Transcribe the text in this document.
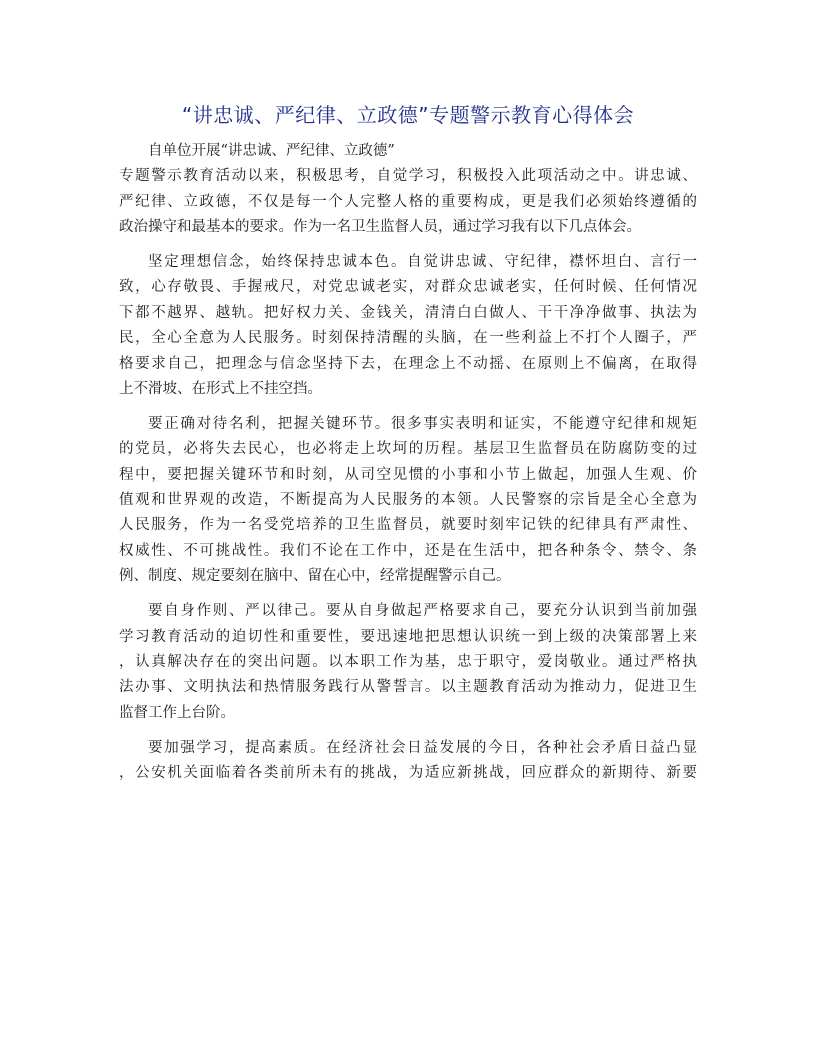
“讲忠诚、严纪律、立政德”专题警示教育心得体会
自单位开展“讲忠诚、严纪律、立政德”
专题警示教育活动以来，积极思考，自觉学习，积极投入此项活动之中。讲忠诚、
严纪律、立政德，不仅是每一个人完整人格的重要构成，更是我们必须始终遵循的
政治操守和最基本的要求。作为一名卫生监督人员，通过学习我有以下几点体会。
坚定理想信念，始终保持忠诚本色。自觉讲忠诚、守纪律，襟怀坦白、言行一
致，心存敬畏、手握戒尺，对党忠诚老实，对群众忠诚老实，任何时候、任何情况
下都不越界、越轨。把好权力关、金钱关，清清白白做人、干干净净做事、执法为
民，全心全意为人民服务。时刻保持清醒的头脑，在一些利益上不打个人圈子，严
格要求自己，把理念与信念坚持下去，在理念上不动摇、在原则上不偏离，在取得
上不滑坡、在形式上不挂空挡。
要正确对待名利，把握关键环节。很多事实表明和证实，不能遵守纪律和规矩
的党员，必将失去民心，也必将走上坎坷的历程。基层卫生监督员在防腐防变的过
程中，要把握关键环节和时刻，从司空见惯的小事和小节上做起，加强人生观、价
值观和世界观的改造，不断提高为人民服务的本领。人民警察的宗旨是全心全意为
人民服务，作为一名受党培养的卫生监督员，就要时刻牢记铁的纪律具有严肃性、
权威性、不可挑战性。我们不论在工作中，还是在生活中，把各种条令、禁令、条
例、制度、规定要刻在脑中、留在心中，经常提醒警示自己。
要自身作则、严以律己。要从自身做起严格要求自己，要充分认识到当前加强
学习教育活动的迫切性和重要性，要迅速地把思想认识统一到上级的决策部署上来
，认真解决存在的突出问题。以本职工作为基，忠于职守，爱岗敬业。通过严格执
法办事、文明执法和热情服务践行从警誓言。以主题教育活动为推动力，促进卫生
监督工作上台阶。
要加强学习，提高素质。在经济社会日益发展的今日，各种社会矛盾日益凸显
，公安机关面临着各类前所未有的挑战，为适应新挑战，回应群众的新期待、新要
